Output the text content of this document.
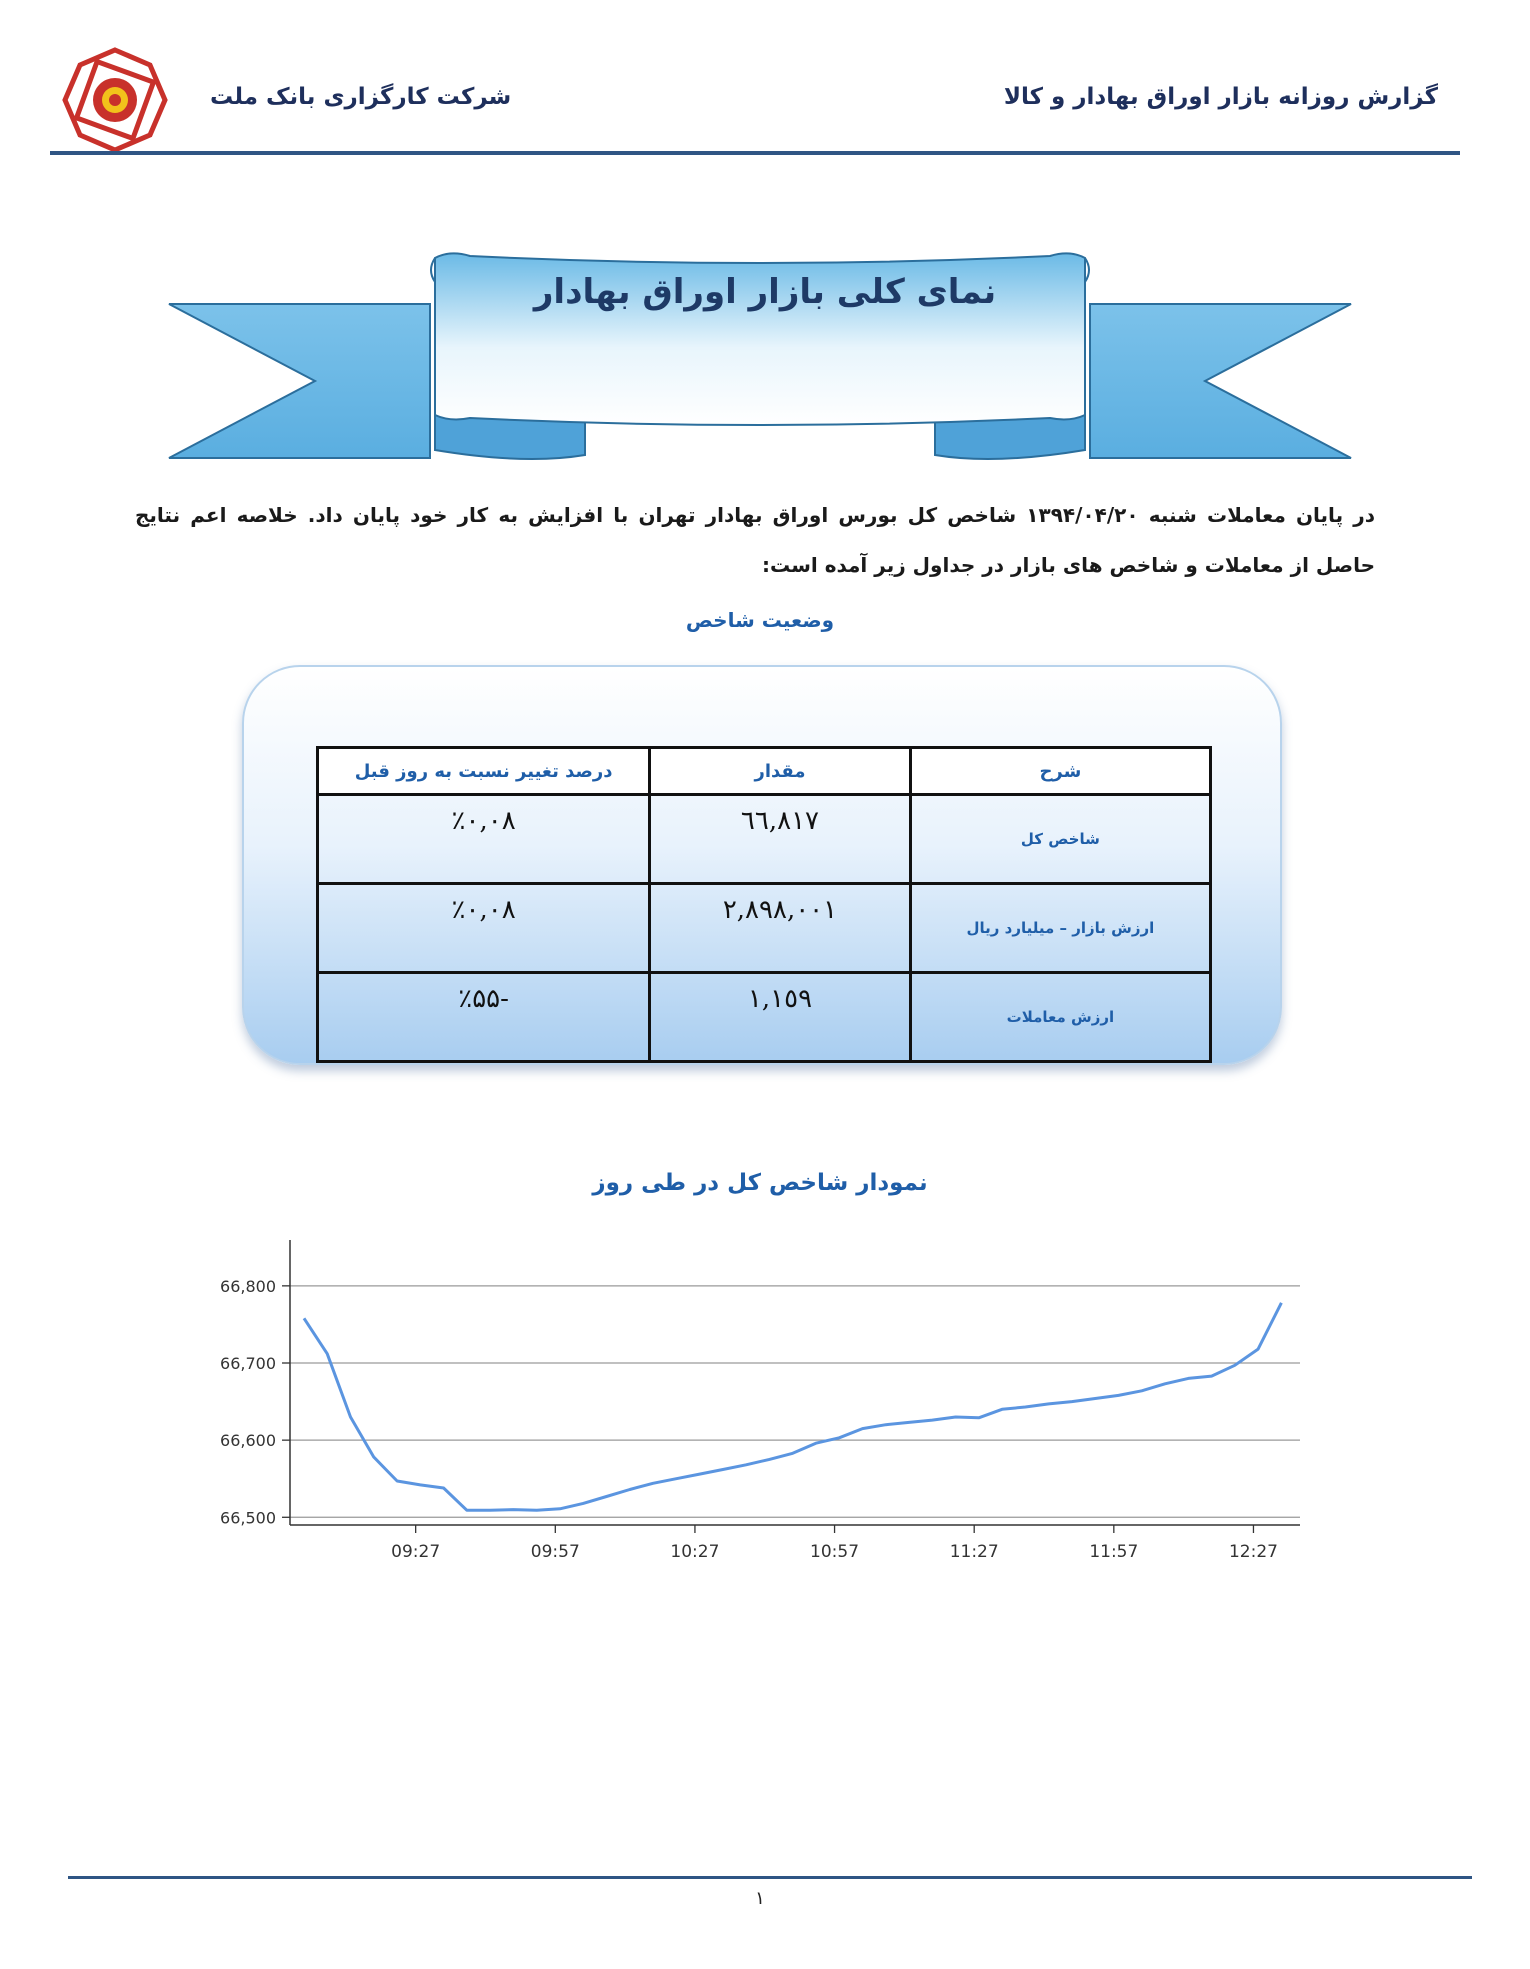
گزارش روزانه بازار اوراق بهادار و کالا
شرکت کارگزاری بانک ملت
نمای کلی بازار اوراق بهادار
در پایان معاملات شنبه ۱۳۹۴/۰۴/۲۰ شاخص کل بورس اوراق بهادار تهران با افزایش به کار خود پایان داد. خلاصه اعم نتایج حاصل از معاملات و شاخص های بازار در جداول زیر آمده است:
وضعیت شاخص
شرح	مقدار	درصد تغییر نسبت به روز قبل
شاخص کل	٦٦,٨١٧	٪۰,۰۸
ارزش بازار – میلیارد ریال	٢,٨٩٨,٠٠١	٪۰,۰۸
ارزش معاملات	١,١٥٩	-٪۵۵
نمودار شاخص کل در طی روز
66,500
66,600
66,700
66,800
09:27	09:57	10:27	10:57	11:27	11:57	12:27
۱
